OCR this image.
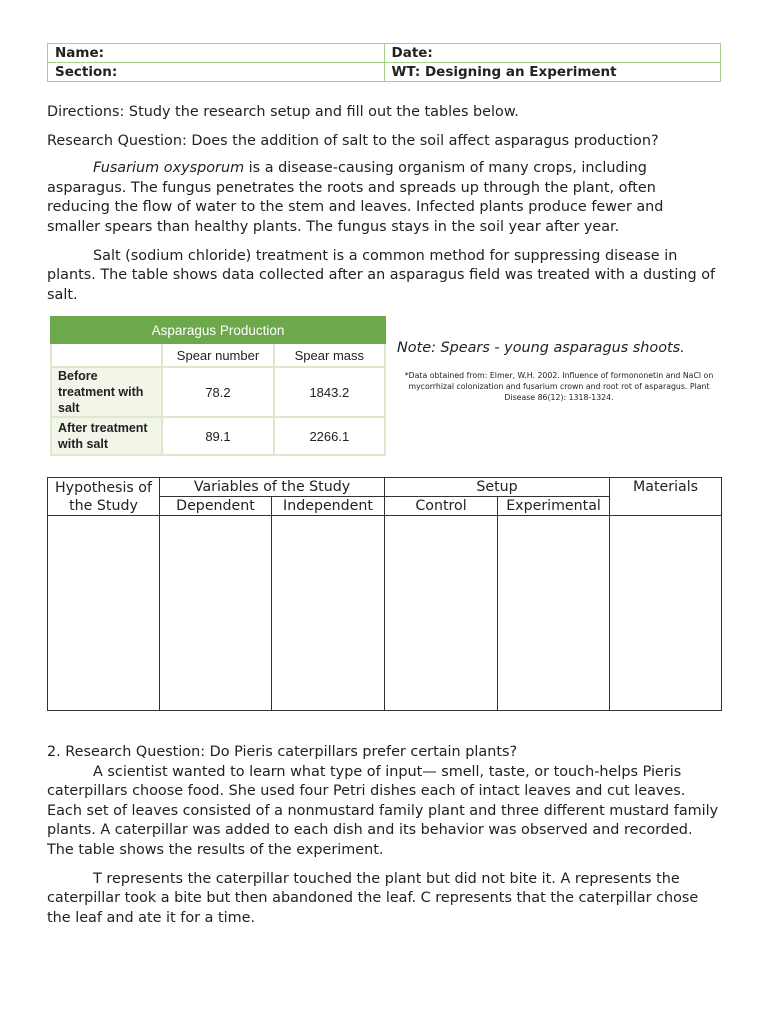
Name:	Date:
Section:	WT: Designing an Experiment

Directions: Study the research setup and fill out the tables below.

Research Question: Does the addition of salt to the soil affect asparagus production?

Fusarium oxysporum is a disease-causing organism of many crops, including asparagus. The fungus penetrates the roots and spreads up through the plant, often reducing the flow of water to the stem and leaves. Infected plants produce fewer and smaller spears than healthy plants. The fungus stays in the soil year after year.

Salt (sodium chloride) treatment is a common method for suppressing disease in plants. The table shows data collected after an asparagus field was treated with a dusting of salt.

Asparagus Production		
	Spear number	Spear mass
Before treatment with salt	78.2	1843.2
After treatment with salt	89.1	2266.1
Note: Spears - young asparagus shoots.
*Data obtained from: Elmer, W.H. 2002. Influence of formononetin and NaCl on mycorrhizal colonization and fusarium crown and root rot of asparagus. Plant Disease 86(12): 1318-1324.
Hypothesis of the Study	Variables of the Study		Setup		Materials
	Dependent	Independent	Control	Experimental	

2. Research Question: Do Pieris caterpillars prefer certain plants?

A scientist wanted to learn what type of input— smell, taste, or touch-helps Pieris caterpillars choose food. She used four Petri dishes each of intact leaves and cut leaves. Each set of leaves consisted of a nonmustard family plant and three different mustard family plants. A caterpillar was added to each dish and its behavior was observed and recorded. The table shows the results of the experiment.

T represents the caterpillar touched the plant but did not bite it. A represents the caterpillar took a bite but then abandoned the leaf. C represents that the caterpillar chose the leaf and ate it for a time.
